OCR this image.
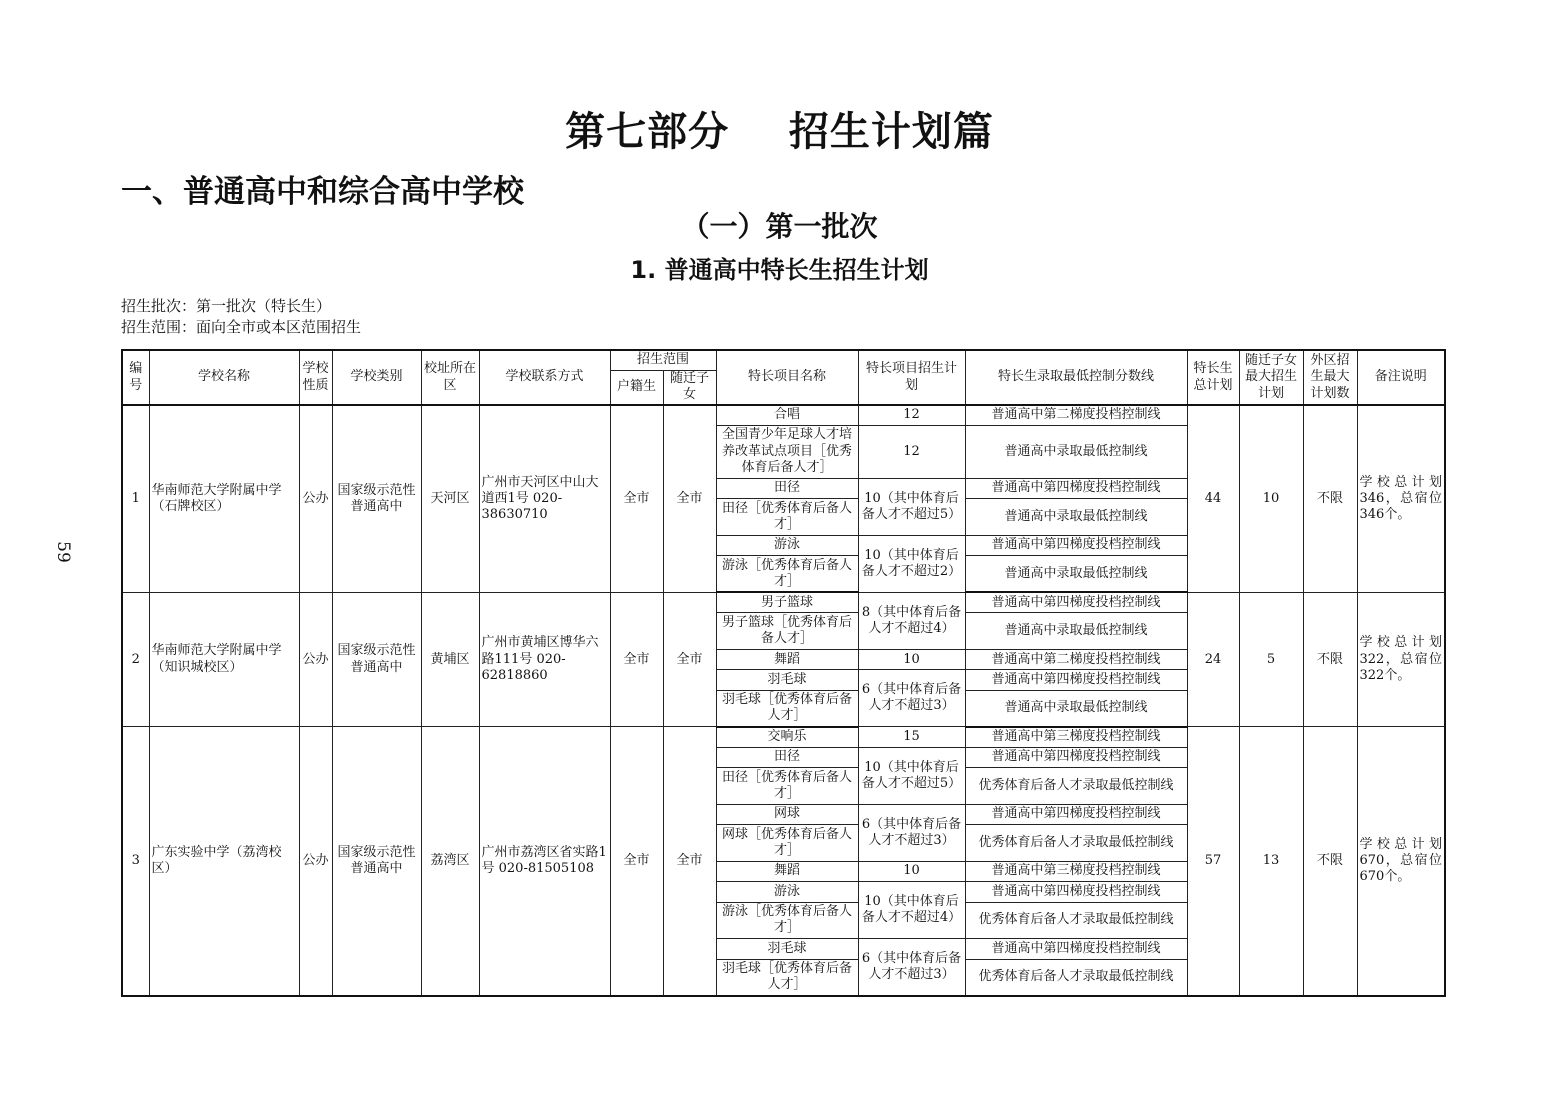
第七部分    招生计划篇
一、普通高中和综合高中学校
（一）第一批次
1. 普通高中特长生招生计划
招生批次：第一批次（特长生）
招生范围：面向全市或本区范围招生
59
编号	学校名称	学校性质	学校类别	校址所在区	学校联系方式	招生范围		特长项目名称	特长项目招生计划	特长生录取最低控制分数线	特长生总计划	随迁子女最大招生计划	外区招生最大计划数	备注说明
						户籍生	随迁子女							
1	华南师范大学附属中学（石牌校区）	公办	国家级示范性普通高中	天河区	广州市天河区中山大道西1号 020-38630710	全市	全市	合唱	12	普通高中第二梯度投档控制线	44	10	不限	学校总计划346，总宿位346个。
								全国青少年足球人才培养改革试点项目［优秀体育后备人才］	12	普通高中录取最低控制线				
								田径	10（其中体育后备人才不超过5）	普通高中第四梯度投档控制线				
								田径［优秀体育后备人才］		普通高中录取最低控制线				
								游泳	10（其中体育后备人才不超过2）	普通高中第四梯度投档控制线				
								游泳［优秀体育后备人才］		普通高中录取最低控制线				
2	华南师范大学附属中学（知识城校区）	公办	国家级示范性普通高中	黄埔区	广州市黄埔区博华六路111号 020-62818860	全市	全市	男子篮球	8（其中体育后备人才不超过4）	普通高中第四梯度投档控制线	24	5	不限	学校总计划322，总宿位322个。
								男子篮球［优秀体育后备人才］		普通高中录取最低控制线				
								舞蹈	10	普通高中第二梯度投档控制线				
								羽毛球	6（其中体育后备人才不超过3）	普通高中第四梯度投档控制线				
								羽毛球［优秀体育后备人才］		普通高中录取最低控制线				
3	广东实验中学（荔湾校区）	公办	国家级示范性普通高中	荔湾区	广州市荔湾区省实路1号 020-81505108	全市	全市	交响乐	15	普通高中第三梯度投档控制线	57	13	不限	学校总计划670，总宿位670个。
								田径	10（其中体育后备人才不超过5）	普通高中第四梯度投档控制线				
								田径［优秀体育后备人才］		优秀体育后备人才录取最低控制线				
								网球	6（其中体育后备人才不超过3）	普通高中第四梯度投档控制线				
								网球［优秀体育后备人才］		优秀体育后备人才录取最低控制线				
								舞蹈	10	普通高中第三梯度投档控制线				
								游泳	10（其中体育后备人才不超过4）	普通高中第四梯度投档控制线				
								游泳［优秀体育后备人才］		优秀体育后备人才录取最低控制线				
								羽毛球	6（其中体育后备人才不超过3）	普通高中第四梯度投档控制线				
								羽毛球［优秀体育后备人才］		优秀体育后备人才录取最低控制线				
